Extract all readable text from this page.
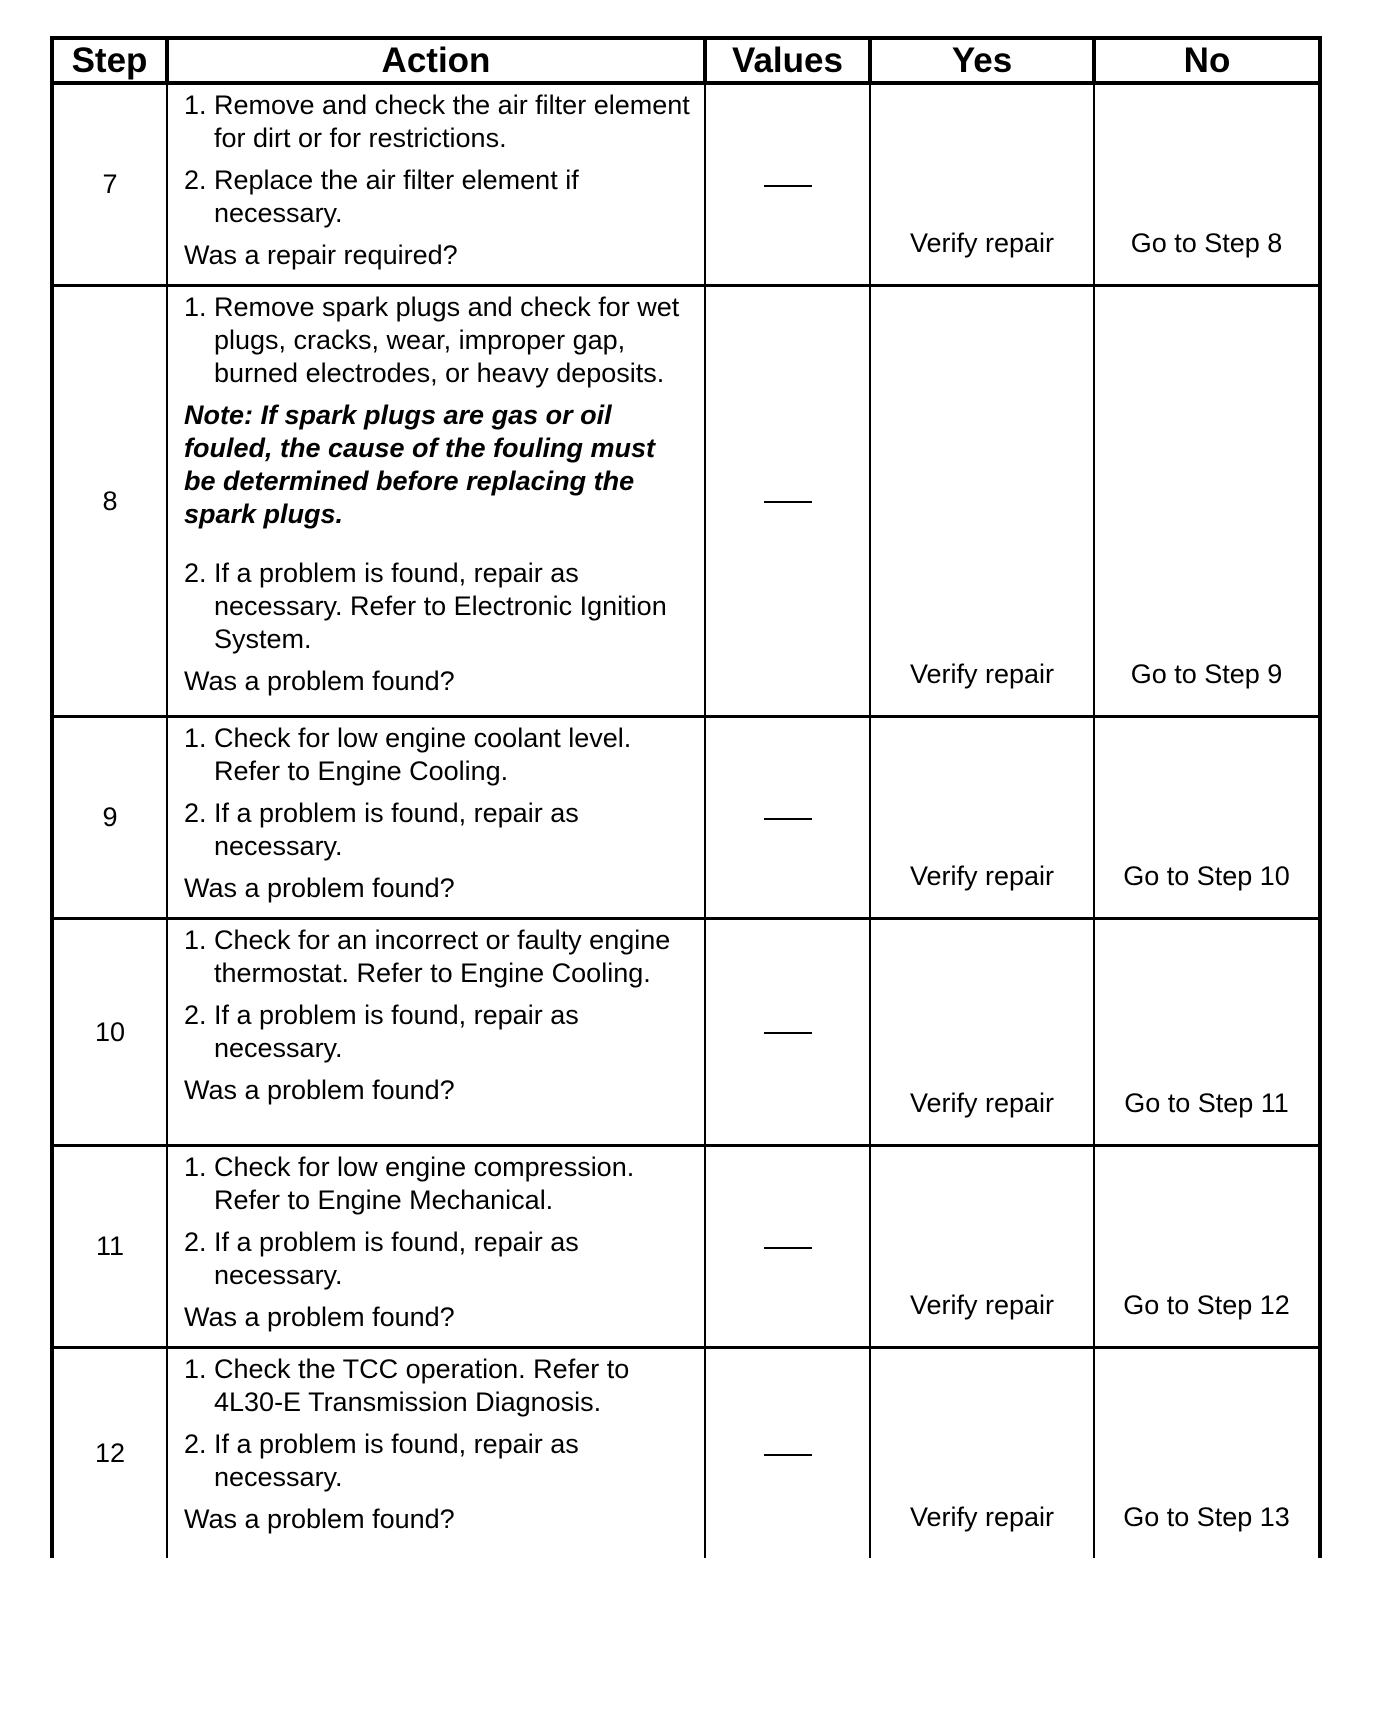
Step	Action	Values	Yes	No
7	1. Remove and check the air filter element for dirt or for restrictions.
2. Replace the air filter element if necessary.
Was a repair required?		Verify repair	Go to Step 8
8	1. Remove spark plugs and check for wet plugs, cracks, wear, improper gap, burned electrodes, or heavy deposits.
Note: If spark plugs are gas or oil fouled, the cause of the fouling must be determined before replacing the spark plugs.
2. If a problem is found, repair as necessary. Refer to Electronic Ignition System.
Was a problem found?		Verify repair	Go to Step 9
9	1. Check for low engine coolant level. Refer to Engine Cooling.
2. If a problem is found, repair as necessary.
Was a problem found?		Verify repair	Go to Step 10
10	1. Check for an incorrect or faulty engine thermostat. Refer to Engine Cooling.
2. If a problem is found, repair as necessary.
Was a problem found?		Verify repair	Go to Step 11
11	1. Check for low engine compression. Refer to Engine Mechanical.
2. If a problem is found, repair as necessary.
Was a problem found?		Verify repair	Go to Step 12
12	1. Check the TCC operation. Refer to 4L30-E Transmission Diagnosis.
2. If a problem is found, repair as necessary.
Was a problem found?		Verify repair	Go to Step 13
